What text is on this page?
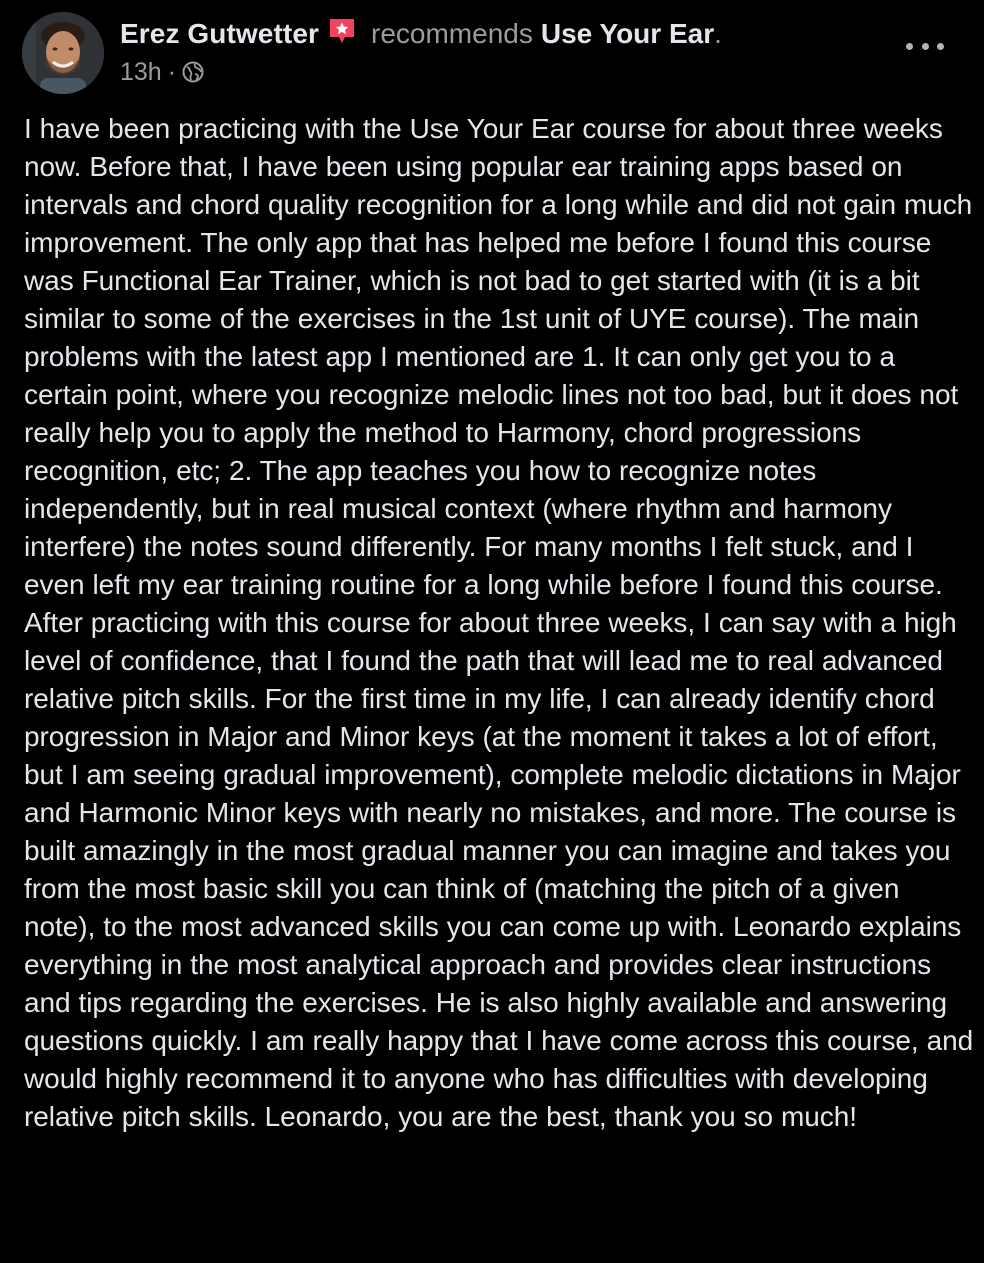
Erez Gutwetter recommends Use Your Ear .
13h ·

I have been practicing with the Use Your Ear course for about three weeks now. Before that, I have been using popular ear training apps based on intervals and chord quality recognition for a long while and did not gain much improvement. The only app that has helped me before I found this course was Functional Ear Trainer, which is not bad to get started with (it is a bit similar to some of the exercises in the 1st unit of UYE course). The main problems with the latest app I mentioned are 1. It can only get you to a certain point, where you recognize melodic lines not too bad, but it does not really help you to apply the method to Harmony, chord progressions recognition, etc; 2. The app teaches you how to recognize notes independently, but in real musical context (where rhythm and harmony interfere) the notes sound differently. For many months I felt stuck, and I even left my ear training routine for a long while before I found this course. After practicing with this course for about three weeks, I can say with a high level of confidence, that I found the path that will lead me to real advanced relative pitch skills. For the first time in my life, I can already identify chord progression in Major and Minor keys (at the moment it takes a lot of effort, but I am seeing gradual improvement), complete melodic dictations in Major and Harmonic Minor keys with nearly no mistakes, and more. The course is built amazingly in the most gradual manner you can imagine and takes you from the most basic skill you can think of (matching the pitch of a given note), to the most advanced skills you can come up with. Leonardo explains everything in the most analytical approach and provides clear instructions and tips regarding the exercises. He is also highly available and answering questions quickly. I am really happy that I have come across this course, and would highly recommend it to anyone who has difficulties with developing relative pitch skills. Leonardo, you are the best, thank you so much!
